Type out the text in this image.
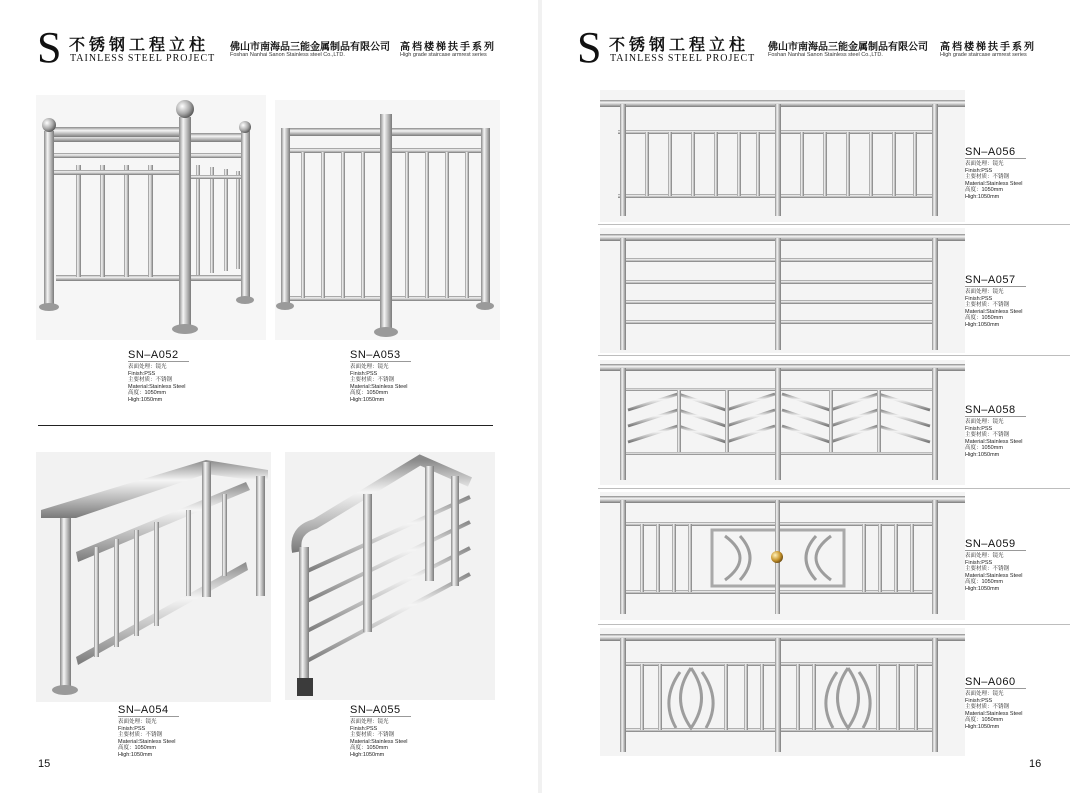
S 不锈钢工程立柱
TAINLESS STEEL PROJECT
佛山市南海品三能金属制品有限公司
Foshan Nanhai Sanon Stainless steel Co.,LTD.
高档楼梯扶手系列
High grade staircase armrest series
SN–A052
表面处理：镜光
Finish:PSS
主要材质：不锈钢
Material:Stainless Steel
高度：1050mm
High:1050mm
SN–A053
表面处理：镜光
Finish:PSS
主要材质：不锈钢
Material:Stainless Steel
高度：1050mm
High:1050mm
SN–A054
表面处理：镜光
Finish:PSS
主要材质：不锈钢
Material:Stainless Steel
高度：1050mm
High:1050mm
SN–A055
表面处理：镜光
Finish:PSS
主要材质：不锈钢
Material:Stainless Steel
高度：1050mm
High:1050mm
15
S 不锈钢工程立柱
TAINLESS STEEL PROJECT
佛山市南海品三能金属制品有限公司
Foshan Nanhai Sanon Stainless steel Co.,LTD.
高档楼梯扶手系列
High grade staircase armrest series
16
SN–A056
表面处理：镜光
Finish:PSS
主要材质：不锈钢
Material:Stainless Steel
高度：1050mm
High:1050mm
SN–A057
表面处理：镜光
Finish:PSS
主要材质：不锈钢
Material:Stainless Steel
高度：1050mm
High:1050mm
SN–A058
表面处理：镜光
Finish:PSS
主要材质：不锈钢
Material:Stainless Steel
高度：1050mm
High:1050mm
SN–A059
表面处理：镜光
Finish:PSS
主要材质：不锈钢
Material:Stainless Steel
高度：1050mm
High:1050mm
SN–A060
表面处理：镜光
Finish:PSS
主要材质：不锈钢
Material:Stainless Steel
高度：1050mm
High:1050mm
